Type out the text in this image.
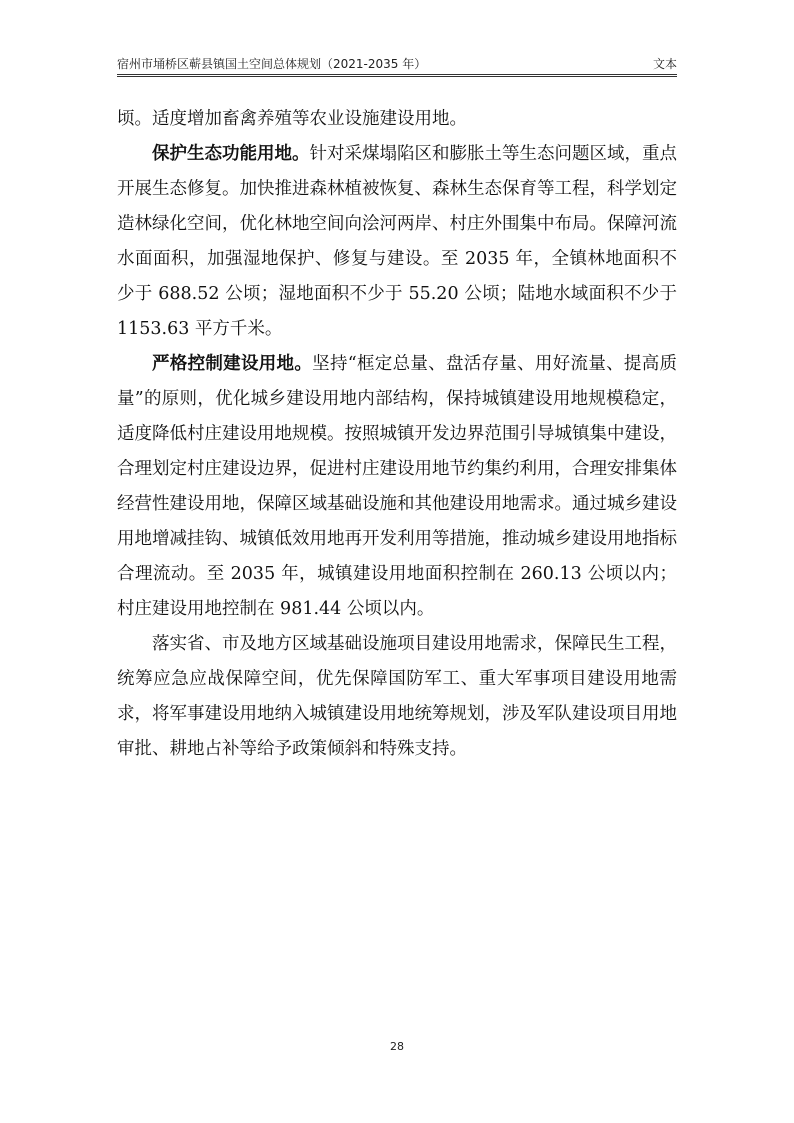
宿州市埇桥区蕲县镇国土空间总体规划（2021-2035 年）	文本

顷。适度增加畜禽养殖等农业设施建设用地。

保护生态功能用地。针对采煤塌陷区和膨胀土等生态问题区域，重点开展生态修复。加快推进森林植被恢复、森林生态保育等工程，科学划定造林绿化空间，优化林地空间向浍河两岸、村庄外围集中布局。保障河流水面面积，加强湿地保护、修复与建设。至 2035 年，全镇林地面积不少于 688.52 公顷；湿地面积不少于 55.20 公顷；陆地水域面积不少于 1153.63 平方千米。

严格控制建设用地。坚持“框定总量、盘活存量、用好流量、提高质量”的原则，优化城乡建设用地内部结构，保持城镇建设用地规模稳定，适度降低村庄建设用地规模。按照城镇开发边界范围引导城镇集中建设，合理划定村庄建设边界，促进村庄建设用地节约集约利用，合理安排集体经营性建设用地，保障区域基础设施和其他建设用地需求。通过城乡建设用地增减挂钩、城镇低效用地再开发利用等措施，推动城乡建设用地指标合理流动。至 2035 年，城镇建设用地面积控制在 260.13 公顷以内；村庄建设用地控制在 981.44 公顷以内。

落实省、市及地方区域基础设施项目建设用地需求，保障民生工程，统筹应急应战保障空间，优先保障国防军工、重大军事项目建设用地需求，将军事建设用地纳入城镇建设用地统筹规划，涉及军队建设项目用地审批、耕地占补等给予政策倾斜和特殊支持。

28
